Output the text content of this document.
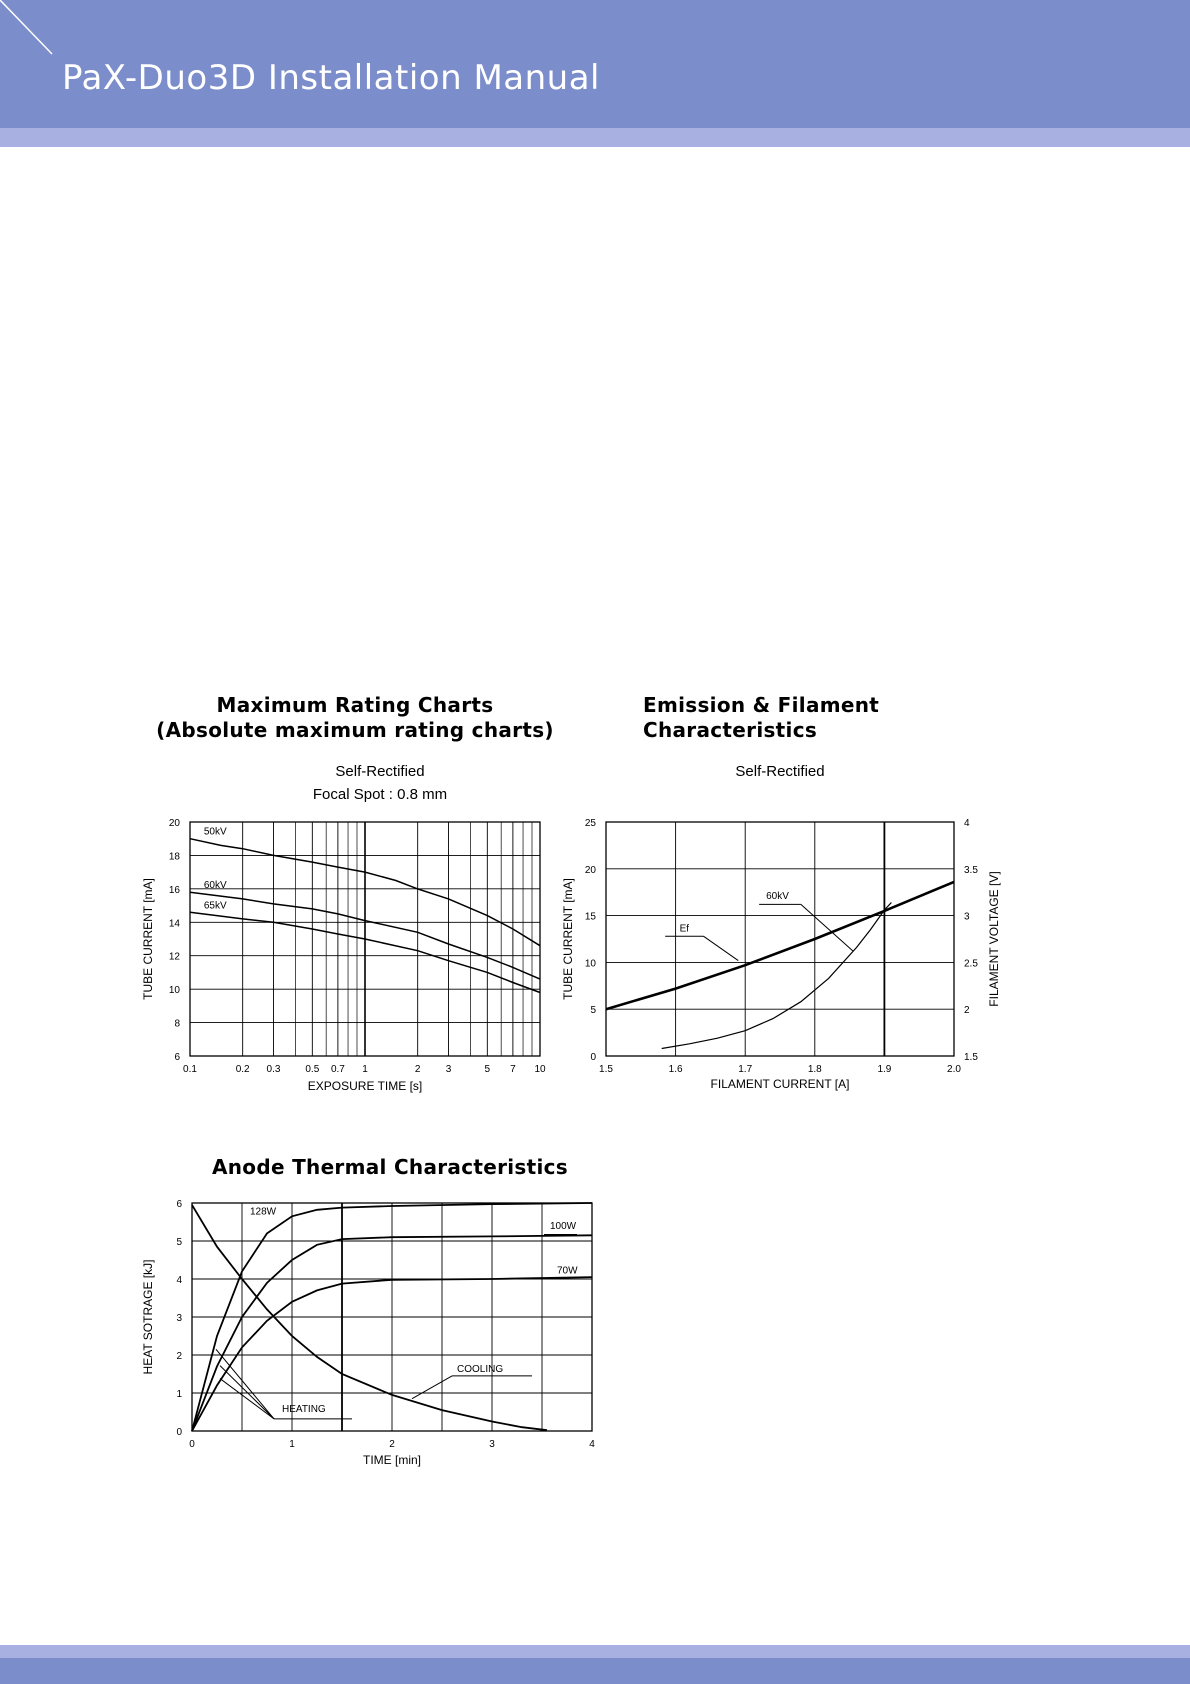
PaX-Duo3D Installation Manual
Maximum Rating Charts
(Absolute maximum rating charts)
Self-Rectified
Focal Spot : 0.8 mm
Emission & Filament
Characteristics
Self-Rectified
Anode Thermal Characteristics
0.1	0.2 0.3 0.5 0.7 1	2	3	5 7 10
6
8
10
12
14
16
18
20
50kV
60kV
65kV
EXPOSURE TIME [s]
TUBE CURRENT [mA]
1.5	1.6	1.7	1.8	1.9	2.0
0
5
10
15
20
25
1.5
2
2.5
3
3.5
4
Ef
60kV
FILAMENT CURRENT [A]
TUBE CURRENT [mA]	FILAMENT VOLTAGE [V]
0	1	2	3	4
0
1
2
3
4
5
6
128W
100W
70W
COOLING
HEATING
TIME [min]
HEAT SOTRAGE [kJ]
